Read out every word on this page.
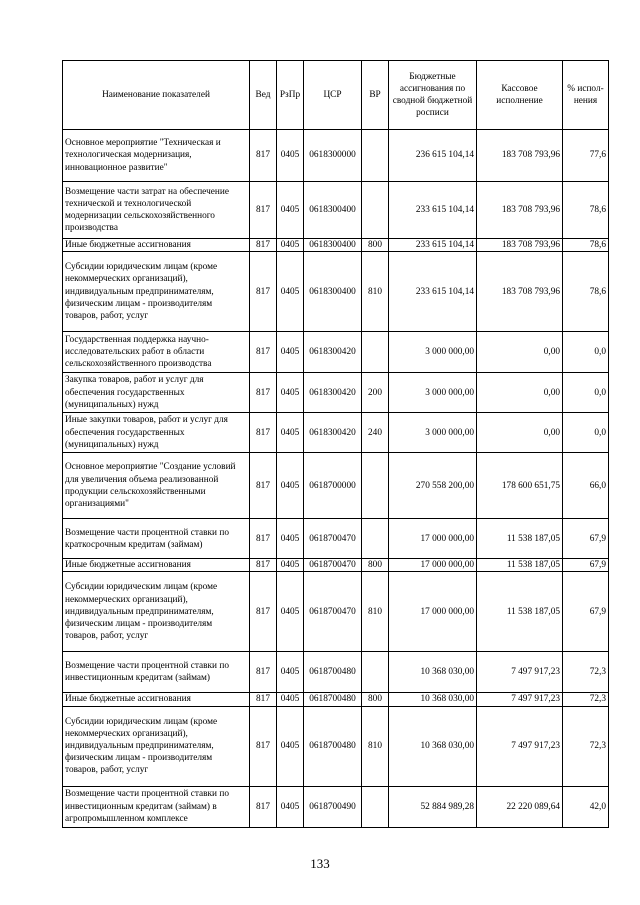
Наименование показателей	Вед	РзПр	ЦСР	ВР	Бюджетные ассигнования по сводной бюджетной росписи	Кассовое исполнение	% испол-нения
Основное мероприятие "Техническая и технологическая модернизация, инновационное развитие"	817	0405	0618300000		236 615 104,14	183 708 793,96	77,6
Возмещение части затрат на обеспечение технической и технологической модернизации сельскохозяйственного производства	817	0405	0618300400		233 615 104,14	183 708 793,96	78,6
Иные бюджетные ассигнования	817	0405	0618300400	800	233 615 104,14	183 708 793,96	78,6
Субсидии юридическим лицам (кроме некоммерческих организаций), индивидуальным предпринимателям, физическим лицам - производителям товаров, работ, услуг	817	0405	0618300400	810	233 615 104,14	183 708 793,96	78,6
Государственная поддержка научно-исследовательских работ в области сельскохозяйственного производства	817	0405	0618300420		3 000 000,00	0,00	0,0
Закупка товаров, работ и услуг для обеспечения государственных (муниципальных) нужд	817	0405	0618300420	200	3 000 000,00	0,00	0,0
Иные закупки товаров, работ и услуг для обеспечения государственных (муниципальных) нужд	817	0405	0618300420	240	3 000 000,00	0,00	0,0
Основное мероприятие "Создание условий для увеличения объема реализованной продукции сельскохозяйственными организациями"	817	0405	0618700000		270 558 200,00	178 600 651,75	66,0
Возмещение части процентной ставки по краткосрочным кредитам (займам)	817	0405	0618700470		17 000 000,00	11 538 187,05	67,9
Иные бюджетные ассигнования	817	0405	0618700470	800	17 000 000,00	11 538 187,05	67,9
Субсидии юридическим лицам (кроме некоммерческих организаций), индивидуальным предпринимателям, физическим лицам - производителям товаров, работ, услуг	817	0405	0618700470	810	17 000 000,00	11 538 187,05	67,9
Возмещение части процентной ставки по инвестиционным кредитам (займам)	817	0405	0618700480		10 368 030,00	7 497 917,23	72,3
Иные бюджетные ассигнования	817	0405	0618700480	800	10 368 030,00	7 497 917,23	72,3
Субсидии юридическим лицам (кроме некоммерческих организаций), индивидуальным предпринимателям, физическим лицам - производителям товаров, работ, услуг	817	0405	0618700480	810	10 368 030,00	7 497 917,23	72,3
Возмещение части процентной ставки по инвестиционным кредитам (займам) в агропромышленном комплексе	817	0405	0618700490		52 884 989,28	22 220 089,64	42,0
133
